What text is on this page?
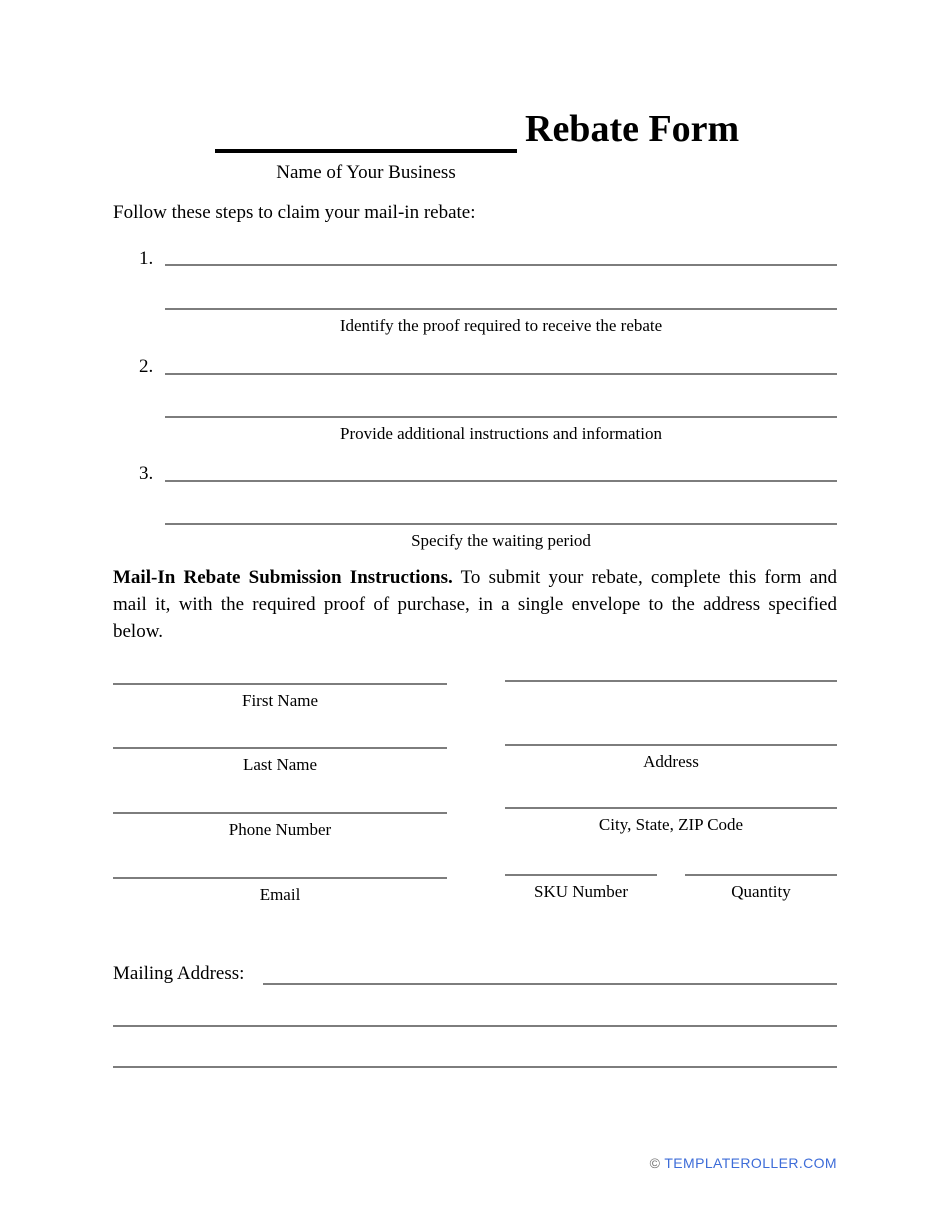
Rebate Form
Name of Your Business
Follow these steps to claim your mail-in rebate:
1.
Identify the proof required to receive the rebate
2.
Provide additional instructions and information
3.
Specify the waiting period
Mail-In Rebate Submission Instructions. To submit your rebate, complete this form and mail it, with the required proof of purchase, in a single envelope to the address specified below.
First Name
Last Name
Phone Number
Email
Address
City, State, ZIP Code
SKU Number	Quantity
Mailing Address:
© TEMPLATEROLLER.COM
